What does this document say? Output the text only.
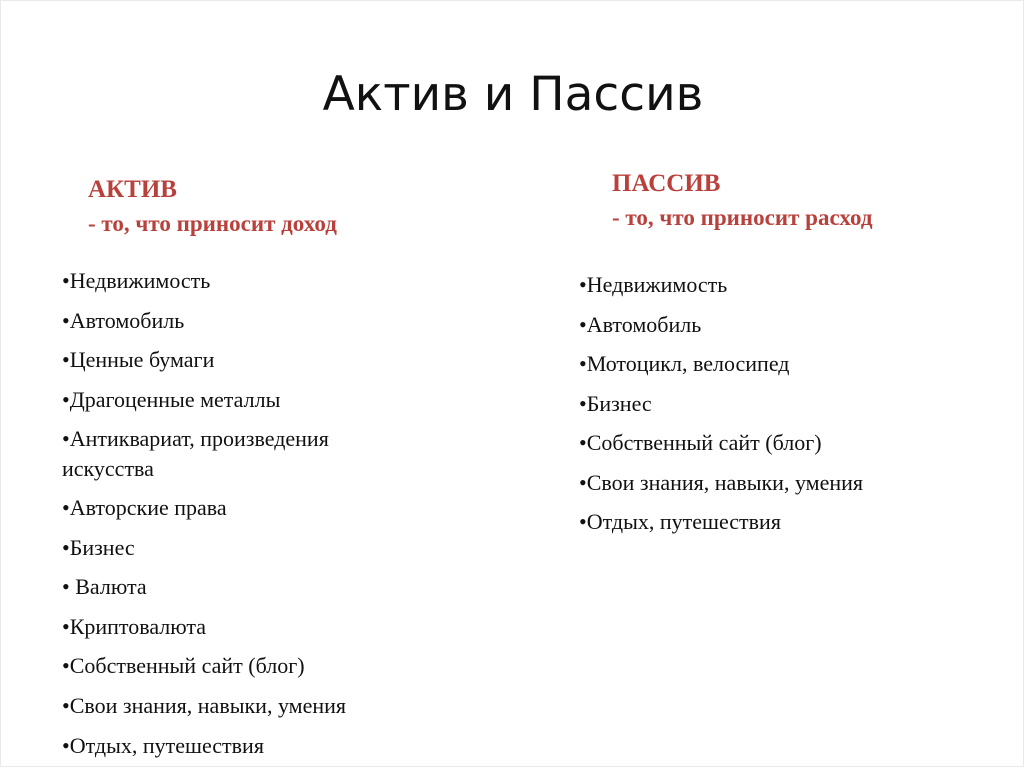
Актив и Пассив
АКТИВ
- то, что приносит доход
ПАССИВ
- то, что приносит расход
•Недвижимость
•Автомобиль
•Ценные бумаги
•Драгоценные металлы
•Антиквариат, произведения искусства
•Авторские права
•Бизнес
• Валюта
•Криптовалюта
•Собственный сайт (блог)
•Свои знания, навыки, умения
•Отдых, путешествия
•Недвижимость
•Автомобиль
•Мотоцикл, велосипед
•Бизнес
•Собственный сайт (блог)
•Свои знания, навыки, умения
•Отдых, путешествия
